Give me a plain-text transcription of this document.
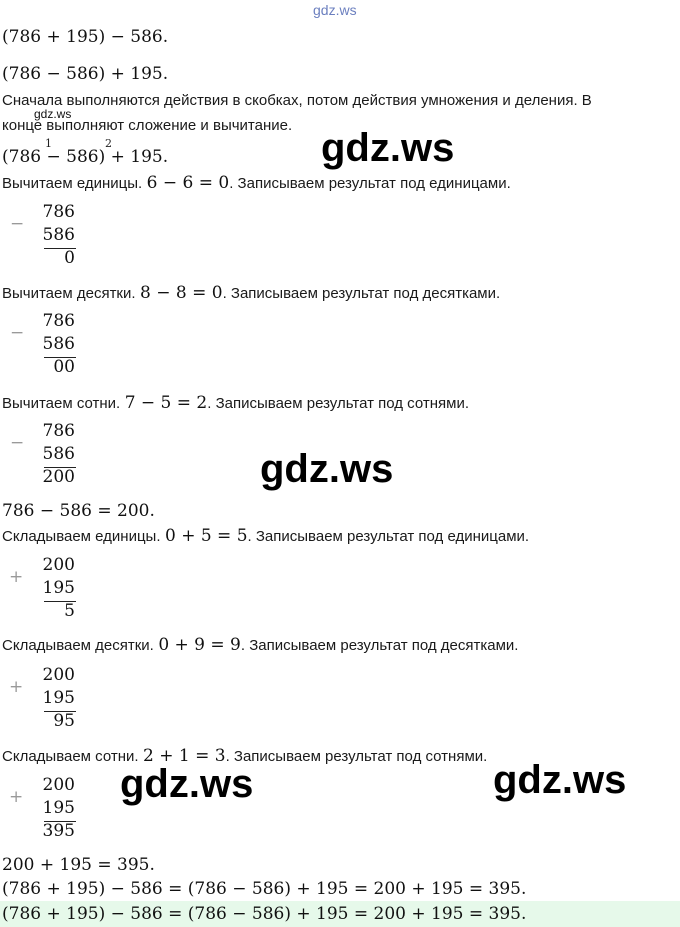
gdz.ws
gdz.ws
gdz.ws
gdz.ws
gdz.ws	gdz.ws
(786 + 195) − 586.
(786 − 586) + 195.
Сначала выполняются действия в скобках, потом действия умножения и деления. В
конце выполняют сложение и вычитание.
1	2
(786 − 586) + 195.
Вычитаем единицы. 6 − 6 = 0. Записываем результат под единицами.
−
786
586
0
Вычитаем десятки. 8 − 8 = 0. Записываем результат под десятками.
−
786
586
00
Вычитаем сотни. 7 − 5 = 2. Записываем результат под сотнями.
−
786
586
200
786 − 586 = 200.
Складываем единицы. 0 + 5 = 5. Записываем результат под единицами.
+
200
195
5
Складываем десятки. 0 + 9 = 9. Записываем результат под десятками.
+
200
195
95
Складываем сотни. 2 + 1 = 3. Записываем результат под сотнями.
+
200
195
395
200 + 195 = 395.
(786 + 195) − 586 = (786 − 586) + 195 = 200 + 195 = 395.
(786 + 195) − 586 = (786 − 586) + 195 = 200 + 195 = 395.
